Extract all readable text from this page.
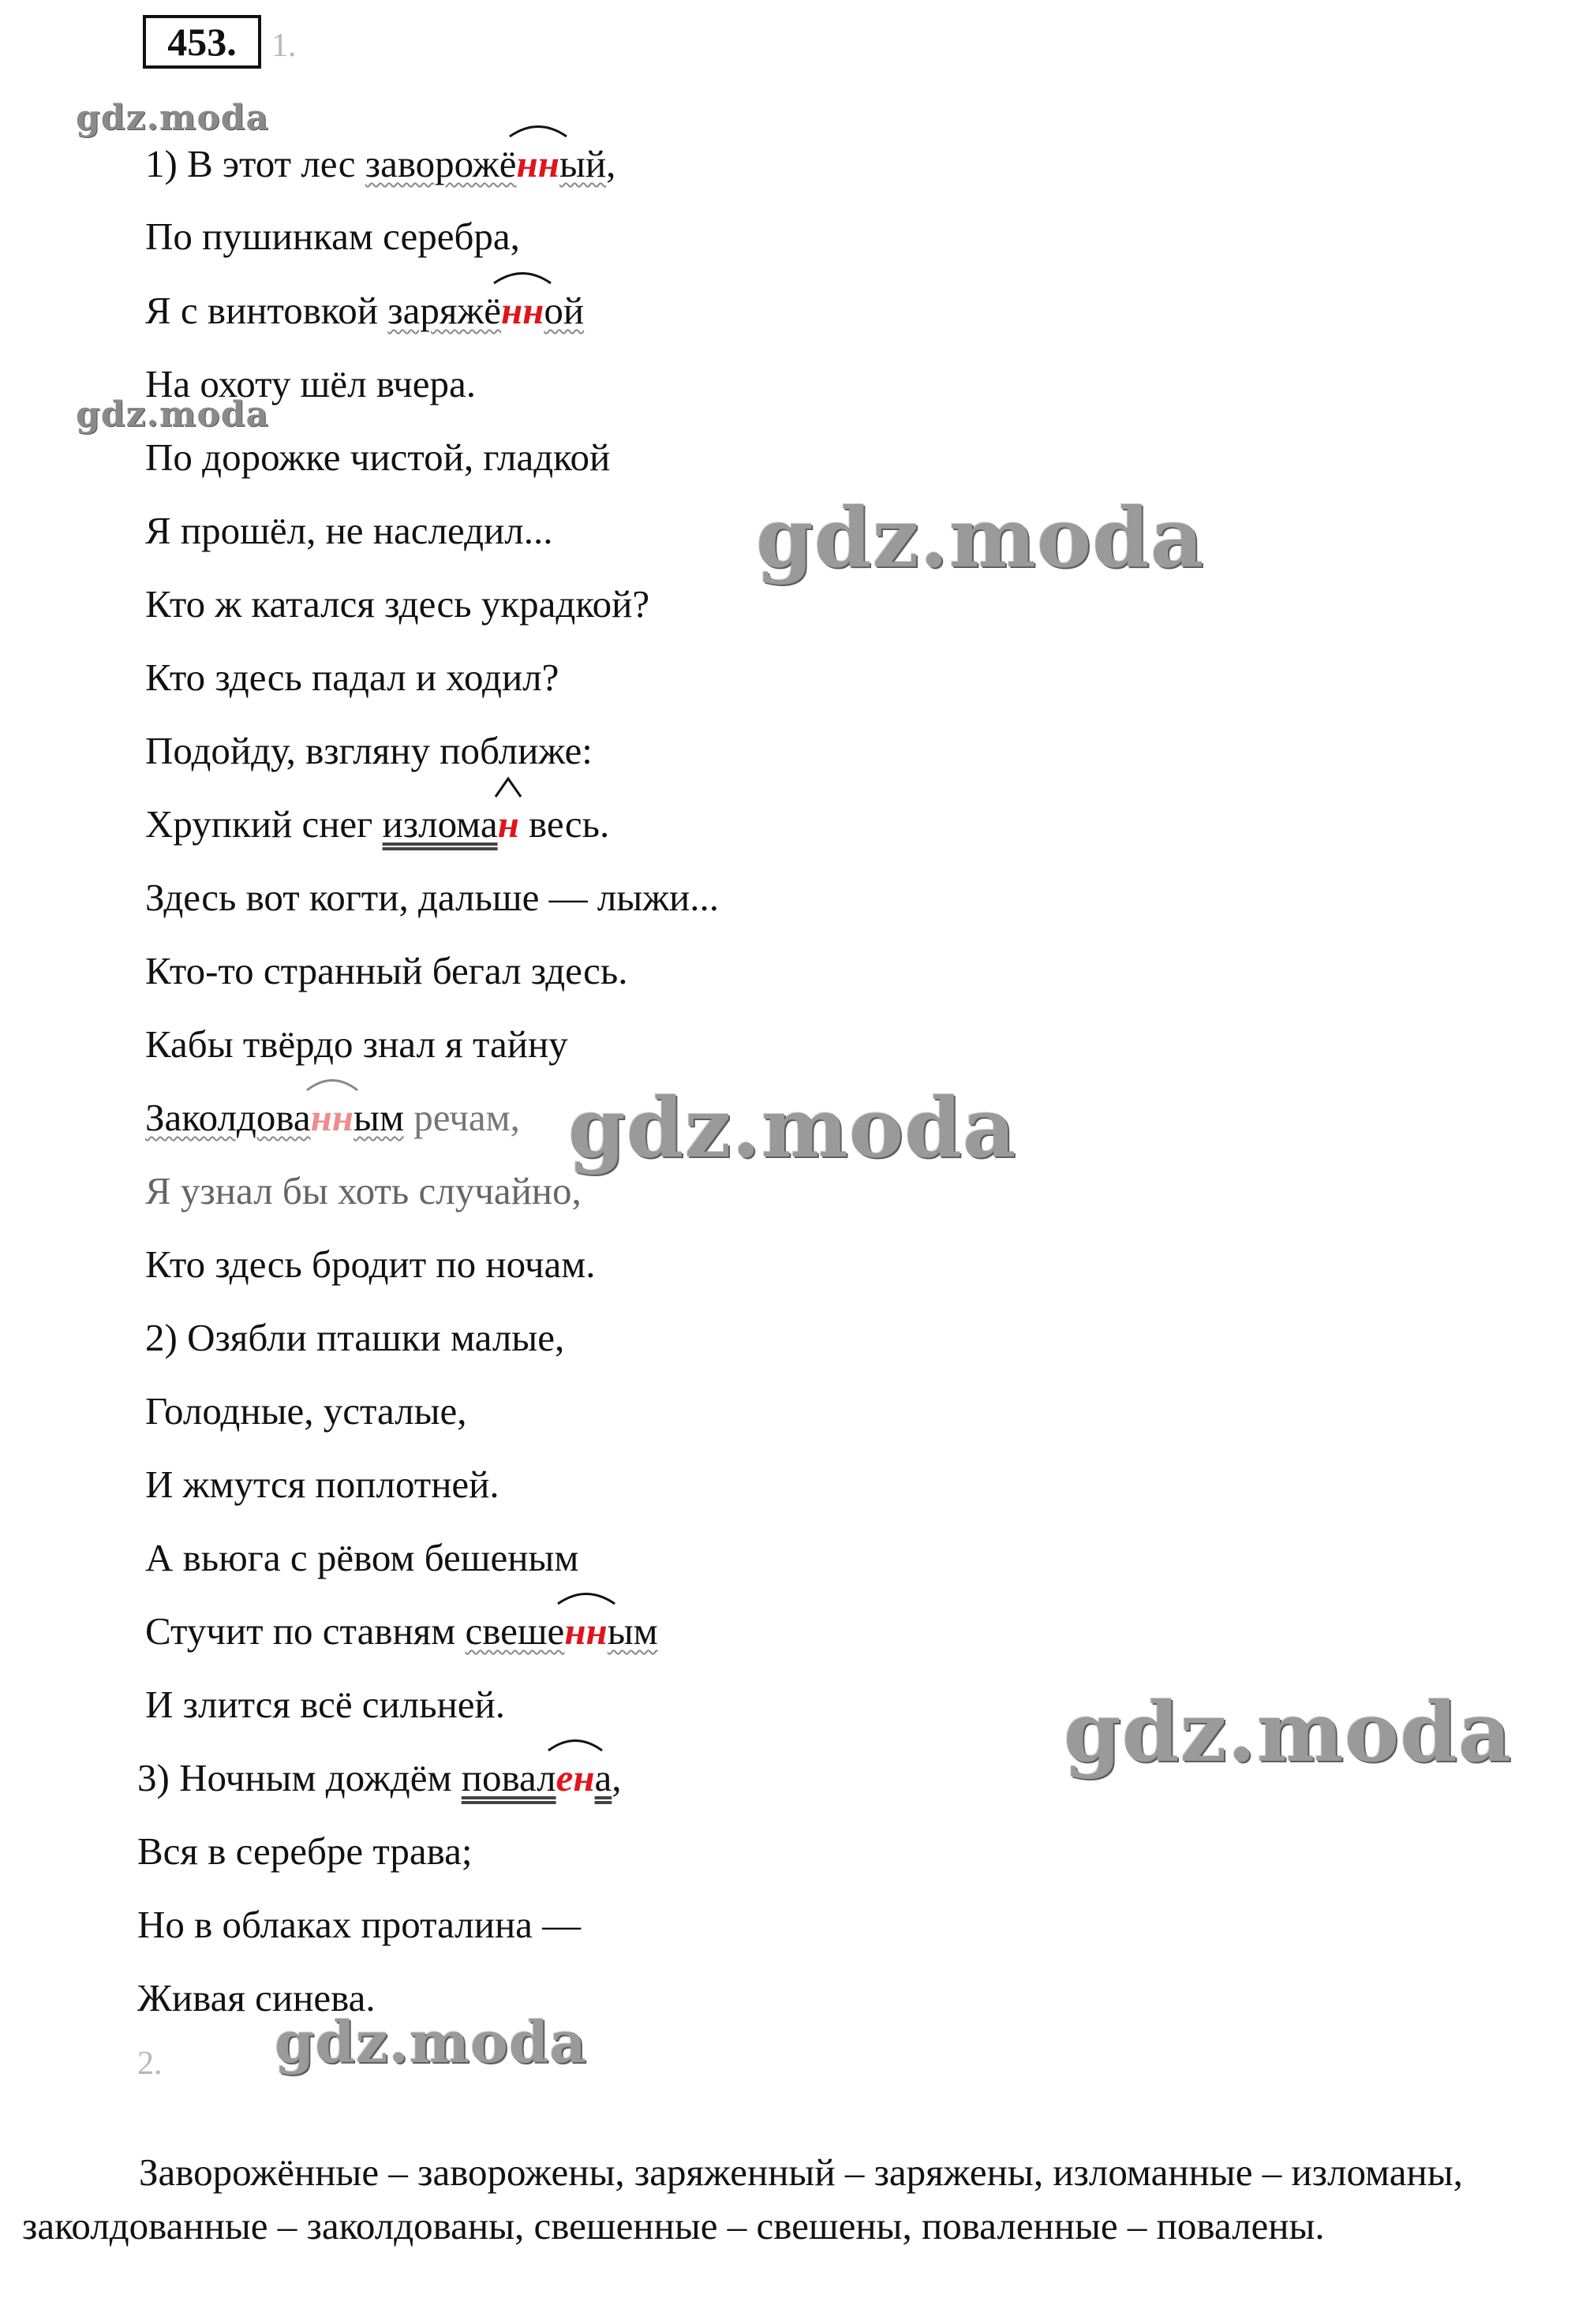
453.	1.
1) В этот лес заворожё
нный,
По пушинкам серебра,
Я с винтовкой заряжё
нной
На охоту шёл вчера.
По дорожке чистой, гладкой
Я прошёл, не наследил...
Кто ж катался здесь украдкой?
Кто здесь падал и ходил?
Подойду, взгляну поближе:
Хрупкий снег излома
н весь.
Здесь вот когти, дальше — лыжи...
Кто-то странный бегал здесь.
Кабы твёрдо знал я тайну
Заколдова
нным речам,
Я узнал бы хоть случайно,
Кто здесь бродит по ночам.
2) Озябли пташки малые,
Голодные, усталые,
И жмутся поплотней.
А вьюга с рёвом бешеным
Стучит по ставням свеше
нным
И злится всё сильней.
3) Ночным дождём повал
ена,
Вся в серебре трава;
Но в облаках проталина —
Живая синева.
2.
Заворожённые – заворожены, заряженный – заряжены, изломанные – изломаны, заколдованные – заколдованы, свешенные – свешены, поваленные – повалены.
gdz.moda
gdz.moda
gdz.moda
gdz.moda
gdz.moda
gdz.moda
